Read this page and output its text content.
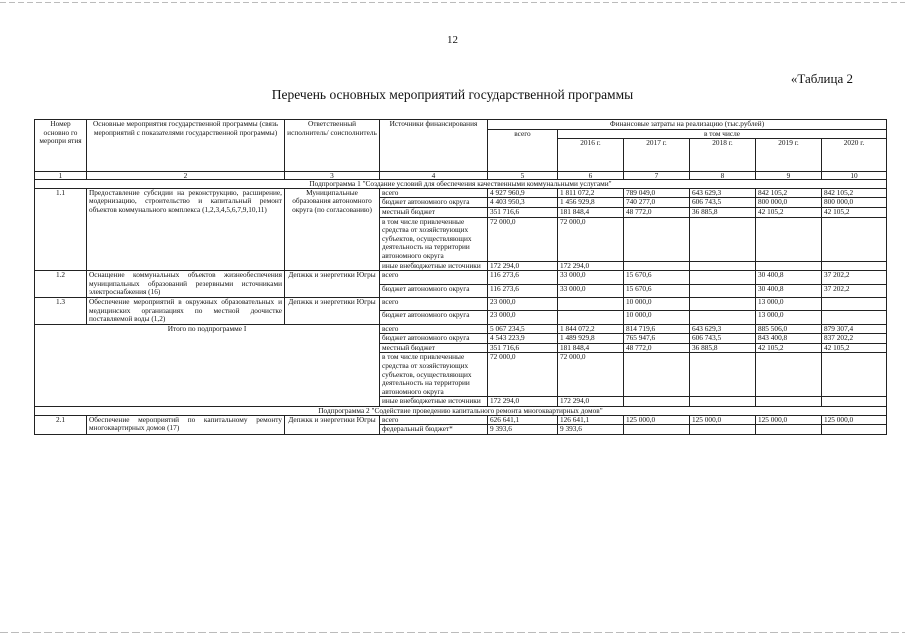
12
«Таблица 2
Перечень основных мероприятий государственной программы
Номер основно го меропри ятия	Основные мероприятия государственной программы (связь мероприятий с показателями государственной программы)	Ответственный исполнитель/ соисполнитель	Источники финансирования	Финансовые затраты на реализацию (тыс.рублей)					
				всего	в том числе				
					2016 г.	2017 г.	2018 г.	2019 г.	2020 г.
1	2	3	4	5	6	7	8	9	10
Подпрограмма 1 "Создание условий для обеспечения качественными коммунальными услугами"									
1.1	Предоставление субсидии на реконструкцию, расширение, модернизацию, строительство и капитальный ремонт объектов коммунального комплекса (1,2,3,4,5,6,7,9,10,11)	Муниципальные образования автономного округа (по согласованию)	всего	4 927 960,9	1 811 072,2	789 049,0	643 629,3	842 105,2	842 105,2
			бюджет автономного округа	4 403 950,3	1 456 929,8	740 277,0	606 743,5	800 000,0	800 000,0
			местный бюджет	351 716,6	181 848,4	48 772,0	36 885,8	42 105,2	42 105,2
			в том числе привлеченные средства от хозяйствующих субъектов, осуществляющих деятельность на территории автономного округа	72 000,0	72 000,0				
			иные внебюджетные источники	172 294,0	172 294,0				
1.2	Оснащение коммунальных объектов жизнеобеспечения муниципальных образований резервными источниками электроснабжения (16)	Депжкк и энергетики Югры	всего	116 273,6	33 000,0	15 670,6		30 400,8	37 202,2
			бюджет автономного округа	116 273,6	33 000,0	15 670,6		30 400,8	37 202,2
1.3	Обеспечение мероприятий в окружных образовательных и медицинских организациях по местной доочистке поставляемой воды (1,2)	Депжкк и энергетики Югры	всего	23 000,0		10 000,0		13 000,0	
			бюджет автономного округа	23 000,0		10 000,0		13 000,0	
Итого по подпрограмме I			всего	5 067 234,5	1 844 072,2	814 719,6	643 629,3	885 506,0	879 307,4
			бюджет автономного округа	4 543 223,9	1 489 929,8	765 947,6	606 743,5	843 400,8	837 202,2
			местный бюджет	351 716,6	181 848,4	48 772,0	36 885,8	42 105,2	42 105,2
			в том числе привлеченные средства от хозяйствующих субъектов, осуществляющих деятельность на территории автономного округа	72 000,0	72 000,0				
			иные внебюджетные источники	172 294,0	172 294,0				
Подпрограмма 2 "Содействие проведению капитального ремонта многоквартирных домов"									
2.1	Обеспечение мероприятий по капитальному ремонту многоквартирных домов (17)	Депжкк и энергетики Югры	всего	626 641,1	126 641,1	125 000,0	125 000,0	125 000,0	125 000,0
			федеральный бюджет*	9 393,6	9 393,6				
